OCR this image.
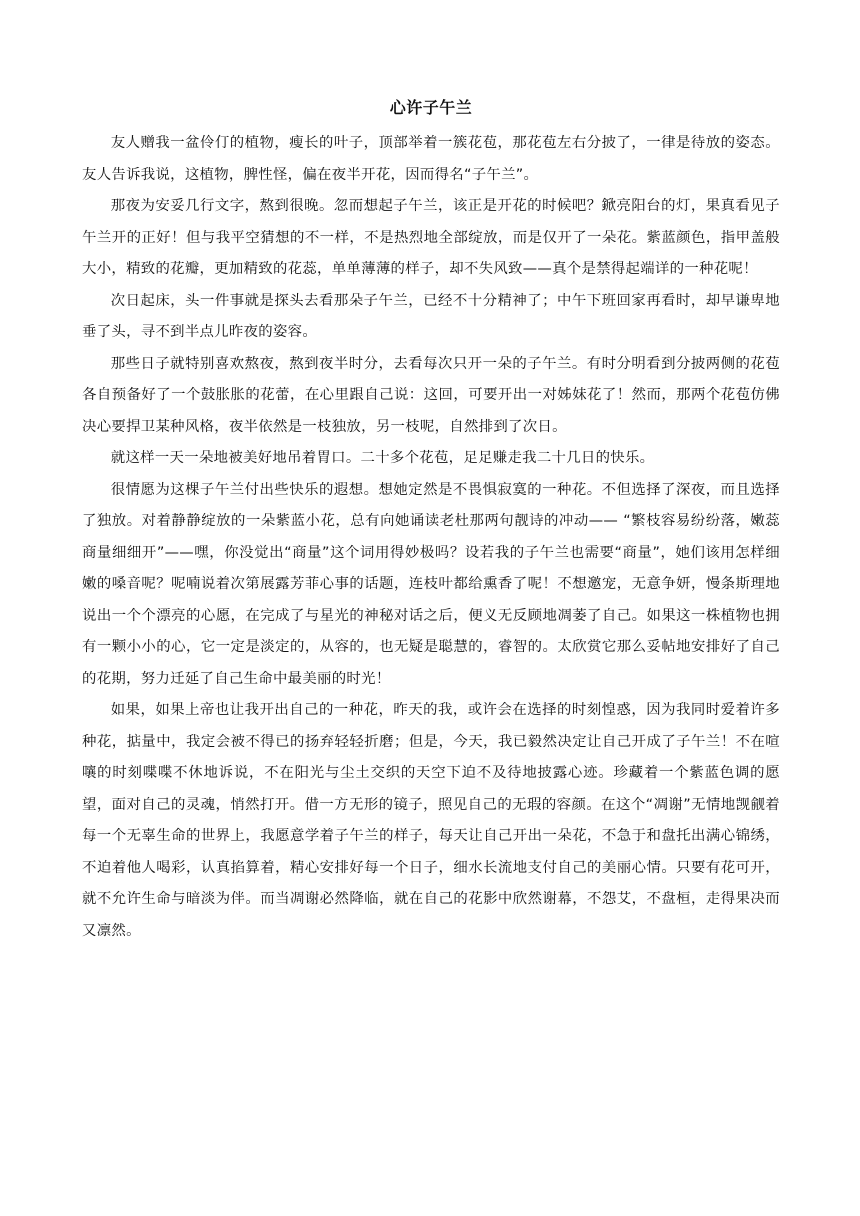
心许子午兰

友人赠我一盆伶仃的植物，瘦长的叶子，顶部举着一簇花苞，那花苞左右分披了，一律是待放的姿态。友人告诉我说，这植物，脾性怪，偏在夜半开花，因而得名“子午兰”。

那夜为安妥几行文字，熬到很晚。忽而想起子午兰，该正是开花的时候吧？鍁亮阳台的灯，果真看见子午兰开的正好！但与我平空猜想的不一样，不是热烈地全部绽放，而是仅开了一朵花。紫蓝颜色，指甲盖般大小，精致的花瓣，更加精致的花蕊，单单薄薄的样子，却不失风致——真个是禁得起端详的一种花呢！

次日起床，头一件事就是探头去看那朵子午兰，已经不十分精神了；中午下班回家再看时，却早谦卑地垂了头，寻不到半点儿昨夜的姿容。

那些日子就特别喜欢熬夜，熬到夜半时分，去看每次只开一朵的子午兰。有时分明看到分披两侧的花苞各自预备好了一个鼓胀胀的花蕾，在心里跟自己说：这回，可要开出一对姊妹花了！然而，那两个花苞仿佛决心要捍卫某种风格，夜半依然是一枝独放，另一枝呢，自然排到了次日。

就这样一天一朵地被美好地吊着胃口。二十多个花苞，足足赚走我二十几日的快乐。

很情愿为这棵子午兰付出些快乐的遐想。想她定然是不畏惧寂寞的一种花。不但选择了深夜，而且选择了独放。对着静静绽放的一朵紫蓝小花，总有向她诵读老杜那两句靓诗的冲动—— “繁枝容易纷纷落，嫩蕊商量细细开”——嘿，你没觉出“商量”这个词用得妙极吗？设若我的子午兰也需要“商量”，她们该用怎样细嫩的嗓音呢？呢喃说着次第展露芳菲心事的话题，连枝叶都给熏香了呢！不想邀宠，无意争妍，慢条斯理地说出一个个漂亮的心愿，在完成了与星光的神秘对话之后，便义无反顾地凋萎了自己。如果这一株植物也拥有一颗小小的心，它一定是淡定的，从容的，也无疑是聪慧的，睿智的。太欣赏它那么妥帖地安排好了自己的花期，努力迁延了自己生命中最美丽的时光！

如果，如果上帝也让我开出自己的一种花，昨天的我，或许会在选择的时刻惶惑，因为我同时爱着许多种花，掂量中，我定会被不得已的扬弃轻轻折磨；但是，今天，我已毅然决定让自己开成了子午兰！不在喧嚷的时刻喋喋不休地诉说，不在阳光与尘土交织的天空下迫不及待地披露心迹。珍藏着一个紫蓝色调的愿望，面对自己的灵魂，悄然打开。借一方无形的镜子，照见自己的无瑕的容颜。在这个“凋谢”无情地觊觎着每一个无辜生命的世界上，我愿意学着子午兰的样子，每天让自己开出一朵花，不急于和盘托出满心锦绣，不迫着他人喝彩，认真掐算着，精心安排好每一个日子，细水长流地支付自己的美丽心情。只要有花可开，就不允许生命与暗淡为伴。而当凋谢必然降临，就在自己的花影中欣然谢幕，不怨艾，不盘桓，走得果决而又凛然。
